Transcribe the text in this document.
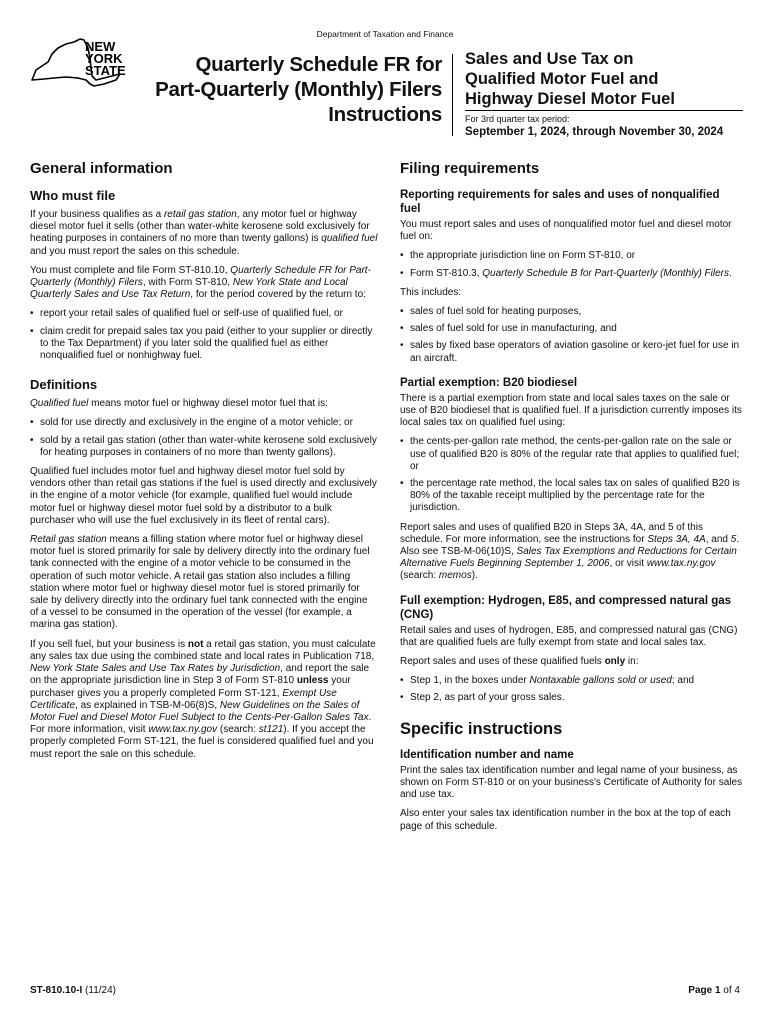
Department of Taxation and Finance
NEW
YORK
STATE	Quarterly Schedule FR for
Part-Quarterly (Monthly) Filers
Instructions
Sales and Use Tax on
Qualified Motor Fuel and
Highway Diesel Motor Fuel
For 3rd quarter tax period:
September 1, 2024, through November 30, 2024
General information
Who must file

If your business qualifies as a retail gas station, any motor fuel or highway diesel motor fuel it sells (other than water-white kerosene sold exclusively for heating purposes in containers of no more than twenty gallons) is qualified fuel and you must report the sales on this schedule.

You must complete and file Form ST-810.10, Quarterly Schedule FR for Part-Quarterly (Monthly) Filers, with Form ST-810, New York State and Local Quarterly Sales and Use Tax Return, for the period covered by the return to:

• report your retail sales of qualified fuel or self-use of qualified fuel, or
• claim credit for prepaid sales tax you paid (either to your supplier or directly to the Tax Department) if you later sold the qualified fuel as either nonqualified fuel or nonhighway fuel.
Definitions

Qualified fuel means motor fuel or highway diesel motor fuel that is:

• sold for use directly and exclusively in the engine of a motor vehicle; or
• sold by a retail gas station (other than water-white kerosene sold exclusively for heating purposes in containers of no more than twenty gallons).

Qualified fuel includes motor fuel and highway diesel motor fuel sold by vendors other than retail gas stations if the fuel is used directly and exclusively in the engine of a motor vehicle (for example, qualified fuel would include motor fuel or highway diesel motor fuel sold by a distributor to a bulk purchaser who will use the fuel exclusively in its fleet of rental cars).

Retail gas station means a filling station where motor fuel or highway diesel motor fuel is stored primarily for sale by delivery directly into the ordinary fuel tank connected with the engine of a motor vehicle to be consumed in the operation of such motor vehicle. A retail gas station also includes a filling station where motor fuel or highway diesel motor fuel is stored primarily for sale by delivery directly into the ordinary fuel tank connected with the engine of a vessel to be consumed in the operation of the vessel (for example, a marina gas station).

If you sell fuel, but your business is not a retail gas station, you must calculate any sales tax due using the combined state and local rates in Publication 718, New York State Sales and Use Tax Rates by Jurisdiction, and report the sale on the appropriate jurisdiction line in Step 3 of Form ST-810 unless your purchaser gives you a properly completed Form ST-121, Exempt Use Certificate, as explained in TSB-M-06(8)S, New Guidelines on the Sales of Motor Fuel and Diesel Motor Fuel Subject to the Cents-Per-Gallon Sales Tax. For more information, visit www.tax.ny.gov (search: st121). If you accept the properly completed Form ST-121, the fuel is considered qualified fuel and you must report the sale on this schedule.

Filing requirements
Reporting requirements for sales and uses of nonqualified fuel

You must report sales and uses of nonqualified motor fuel and diesel motor fuel on:

• the appropriate jurisdiction line on Form ST-810, or
• Form ST-810.3, Quarterly Schedule B for Part-Quarterly (Monthly) Filers.

This includes:

• sales of fuel sold for heating purposes,
• sales of fuel sold for use in manufacturing, and
• sales by fixed base operators of aviation gasoline or kero-jet fuel for use in an aircraft.
Partial exemption: B20 biodiesel

There is a partial exemption from state and local sales taxes on the sale or use of B20 biodiesel that is qualified fuel. If a jurisdiction currently imposes its local sales tax on qualified fuel using:

• the cents-per-gallon rate method, the cents-per-gallon rate on the sale or use of qualified B20 is 80% of the regular rate that applies to qualified fuel; or
• the percentage rate method, the local sales tax on sales of qualified B20 is 80% of the taxable receipt multiplied by the percentage rate for the jurisdiction.

Report sales and uses of qualified B20 in Steps 3A, 4A, and 5 of this schedule. For more information, see the instructions for Steps 3A, 4A, and 5. Also see TSB-M-06(10)S, Sales Tax Exemptions and Reductions for Certain Alternative Fuels Beginning September 1, 2006, or visit www.tax.ny.gov (search: memos).

Full exemption: Hydrogen, E85, and compressed natural gas (CNG)

Retail sales and uses of hydrogen, E85, and compressed natural gas (CNG) that are qualified fuels are fully exempt from state and local sales tax.

Report sales and uses of these qualified fuels only in:

• Step 1, in the boxes under Nontaxable gallons sold or used; and
• Step 2, as part of your gross sales.
Specific instructions
Identification number and name

Print the sales tax identification number and legal name of your business, as shown on Form ST-810 or on your business's Certificate of Authority for sales and use tax.

Also enter your sales tax identification number in the box at the top of each page of this schedule.

ST-810.10-I (11/24)	Page 1 of 4
